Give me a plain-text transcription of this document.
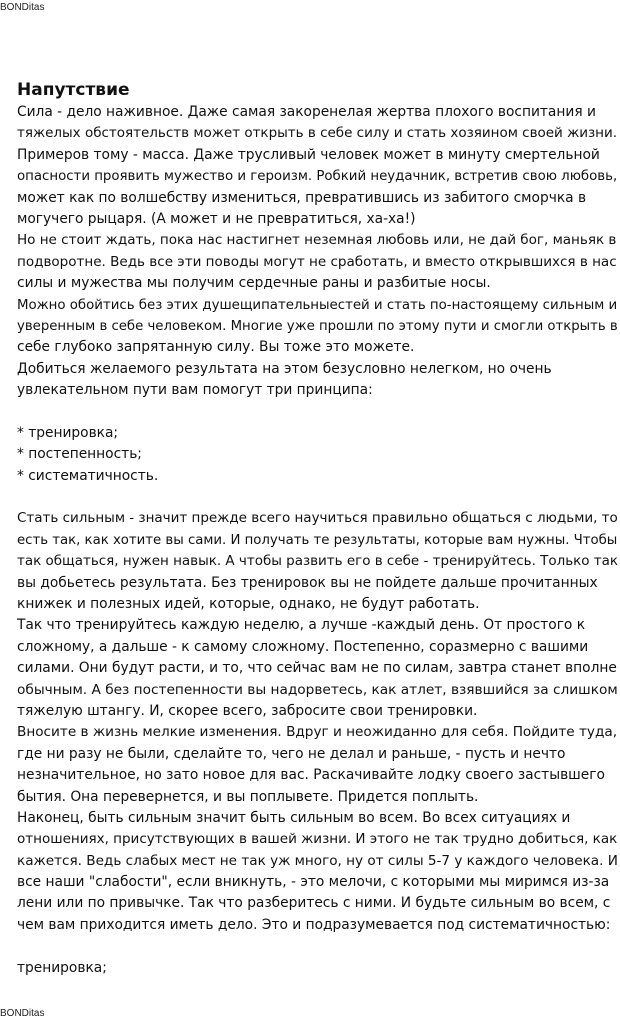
BONDitas
Напутствие
Сила - дело наживное. Даже самая закоренелая жертва плохого воспитания и
тяжелых обстоятельств может открыть в себе силу и стать хозяином своей жизни.
Примеров тому - масса. Даже трусливый человек может в минуту смертельной
опасности проявить мужество и героизм. Робкий неудачник, встретив свою любовь,
может как по волшебству измениться, превратившись из забитого сморчка в
могучего рыцаря. (А может и не превратиться, ха-ха!)
Но не стоит ждать, пока нас настигнет неземная любовь или, не дай бог, маньяк в
подворотне. Ведь все эти поводы могут не сработать, и вместо открывшихся в нас
силы и мужества мы получим сердечные раны и разбитые носы.
Можно обойтись без этих душещипательныестей и стать по-настоящему сильным и
уверенным в себе человеком. Многие уже прошли по этому пути и смогли открыть в
себе глубоко запрятанную силу. Вы тоже это можете.
Добиться желаемого результата на этом безусловно нелегком, но очень
увлекательном пути вам помогут три принципа:
* тренировка;
* постепенность;
* систематичность.
Стать сильным - значит прежде всего научиться правильно общаться с людьми, то
есть так, как хотите вы сами. И получать те результаты, которые вам нужны. Чтобы
так общаться, нужен навык. А чтобы развить его в себе - тренируйтесь. Только так
вы добьетесь результата. Без тренировок вы не пойдете дальше прочитанных
книжек и полезных идей, которые, однако, не будут работать.
Так что тренируйтесь каждую неделю, а лучше -каждый день. От простого к
сложному, а дальше - к самому сложному. Постепенно, соразмерно с вашими
силами. Они будут расти, и то, что сейчас вам не по силам, завтра станет вполне
обычным. А без постепенности вы надорветесь, как атлет, взявшийся за слишком
тяжелую штангу. И, скорее всего, забросите свои тренировки.
Вносите в жизнь мелкие изменения. Вдруг и неожиданно для себя. Пойдите туда,
где ни разу не были, сделайте то, чего не делал и раньше, - пусть и нечто
незначительное, но зато новое для вас. Раскачивайте лодку своего застывшего
бытия. Она перевернется, и вы поплывете. Придется поплыть.
Наконец, быть сильным значит быть сильным во всем. Во всех ситуациях и
отношениях, присутствующих в вашей жизни. И этого не так трудно добиться, как
кажется. Ведь слабых мест не так уж много, ну от силы 5-7 у каждого человека. И
все наши "слабости", если вникнуть, - это мелочи, с которыми мы миримся из-за
лени или по привычке. Так что разберитесь с ними. И будьте сильным во всем, с
чем вам приходится иметь дело. Это и подразумевается под систематичностью:
тренировка;
BONDitas
